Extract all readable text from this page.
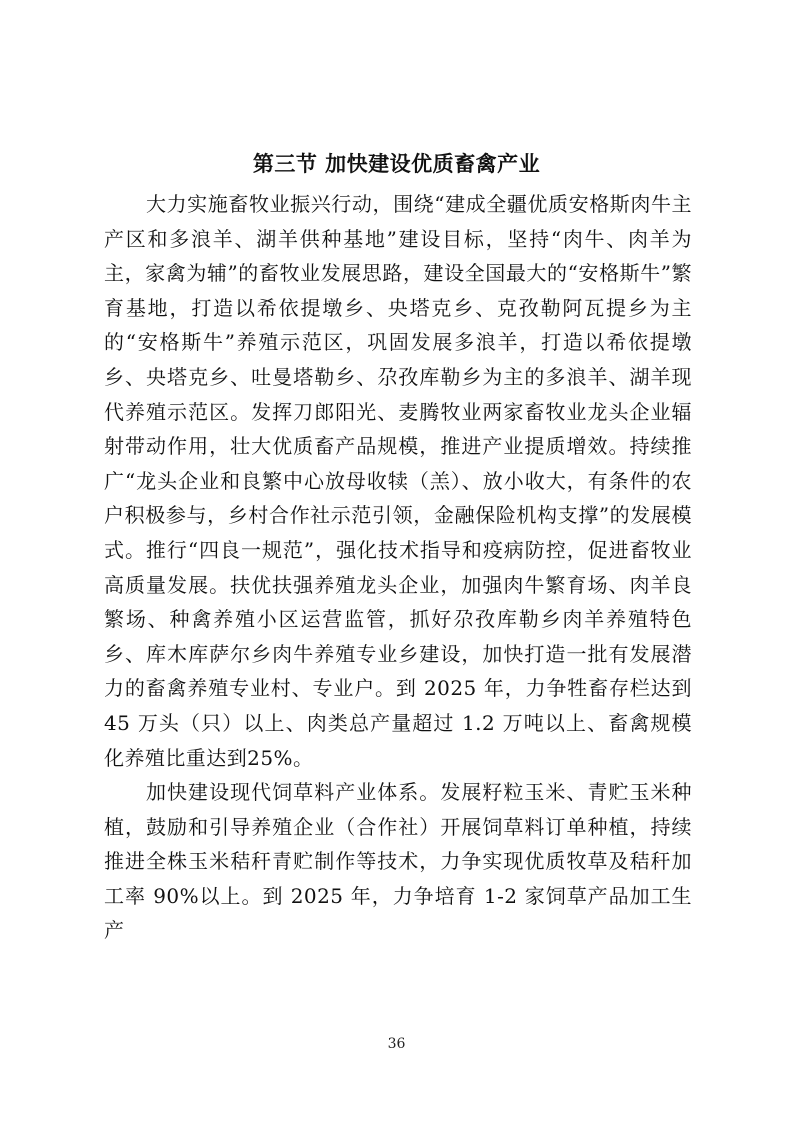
第三节 加快建设优质畜禽产业

大力实施畜牧业振兴行动，围绕“建成全疆优质安格斯肉牛主产区和多浪羊、湖羊供种基地”建设目标，坚持“肉牛、肉羊为主，家禽为辅”的畜牧业发展思路，建设全国最大的“安格斯牛”繁育基地，打造以希依提墩乡、央塔克乡、克孜勒阿瓦提乡为主的“安格斯牛”养殖示范区，巩固发展多浪羊，打造以希依提墩乡、央塔克乡、吐曼塔勒乡、尕孜库勒乡为主的多浪羊、湖羊现代养殖示范区。发挥刀郎阳光、麦腾牧业两家畜牧业龙头企业辐射带动作用，壮大优质畜产品规模，推进产业提质增效。持续推广“龙头企业和良繁中心放母收犊（羔）、放小收大，有条件的农户积极参与，乡村合作社示范引领，金融保险机构支撑”的发展模式。推行“四良一规范”，强化技术指导和疫病防控，促进畜牧业高质量发展。扶优扶强养殖龙头企业，加强肉牛繁育场、肉羊良繁场、种禽养殖小区运营监管，抓好尕孜库勒乡肉羊养殖特色乡、库木库萨尔乡肉牛养殖专业乡建设，加快打造一批有发展潜力的畜禽养殖专业村、专业户。到 2025 年，力争牲畜存栏达到 45 万头（只）以上、肉类总产量超过 1.2 万吨以上、畜禽规模化养殖比重达到25%。

加快建设现代饲草料产业体系。发展籽粒玉米、青贮玉米种植，鼓励和引导养殖企业（合作社）开展饲草料订单种植，持续推进全株玉米秸秆青贮制作等技术，力争实现优质牧草及秸秆加工率 90%以上。到 2025 年，力争培育 1-2 家饲草产品加工生产

36
